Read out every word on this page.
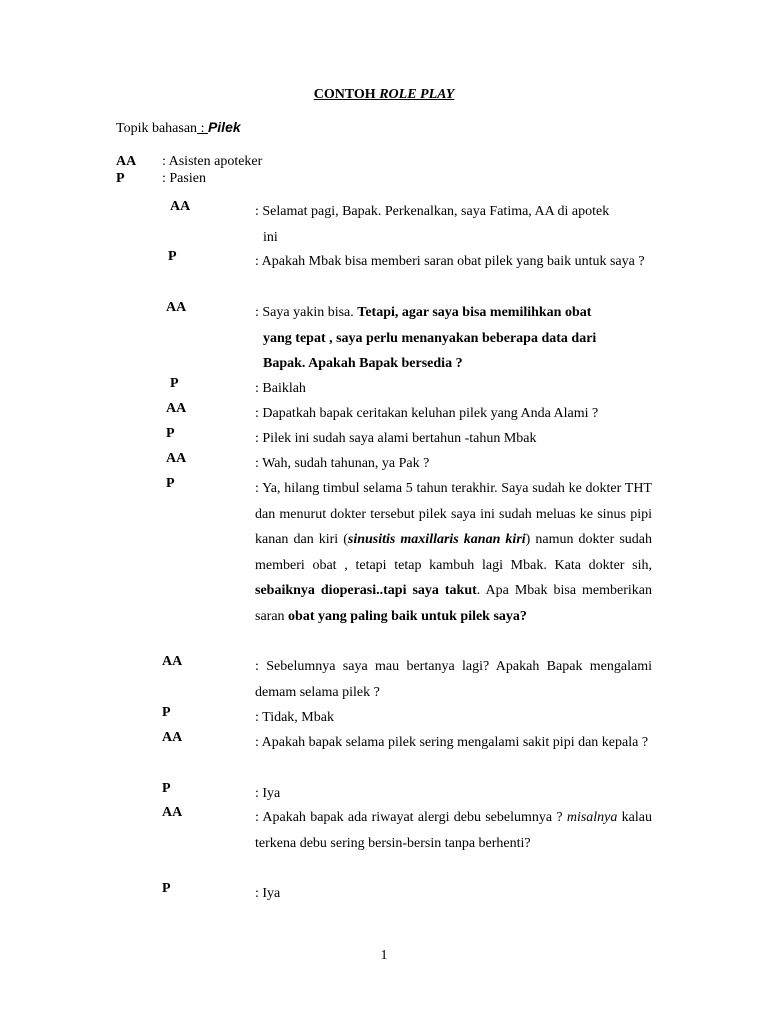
CONTOH ROLE PLAY
Topik bahasan : Pilek
AA : Asisten apoteker
P	: Pasien
AA	: Selamat pagi, Bapak. Perkenalkan, saya Fatima, AA di apotek
ini
P	: Apakah Mbak bisa memberi saran obat pilek yang baik untuk saya ?
AA	: Saya yakin bisa. Tetapi, agar saya bisa memilihkan obat
yang tepat , saya perlu menanyakan beberapa data dari
Bapak. Apakah Bapak bersedia ?
P	: Baiklah
AA	: Dapatkah bapak ceritakan keluhan pilek yang Anda Alami ?
P	: Pilek ini sudah saya alami bertahun -tahun Mbak
AA	: Wah, sudah tahunan, ya Pak ?
P	: Ya, hilang timbul selama 5 tahun terakhir. Saya sudah ke dokter THT dan menurut dokter tersebut pilek saya ini sudah meluas ke sinus pipi kanan dan kiri (sinusitis maxillaris kanan kiri) namun dokter sudah memberi obat , tetapi tetap kambuh lagi Mbak. Kata dokter sih, sebaiknya dioperasi..tapi saya takut. Apa Mbak bisa memberikan saran obat yang paling baik untuk pilek saya?
AA	: Sebelumnya saya mau bertanya lagi? Apakah Bapak mengalami demam selama pilek ?
P	: Tidak, Mbak
AA	: Apakah bapak selama pilek sering mengalami sakit pipi dan kepala ?
P	: Iya
AA	: Apakah bapak ada riwayat alergi debu sebelumnya ? misalnya kalau terkena debu sering bersin-bersin tanpa berhenti?
P	: Iya
1
